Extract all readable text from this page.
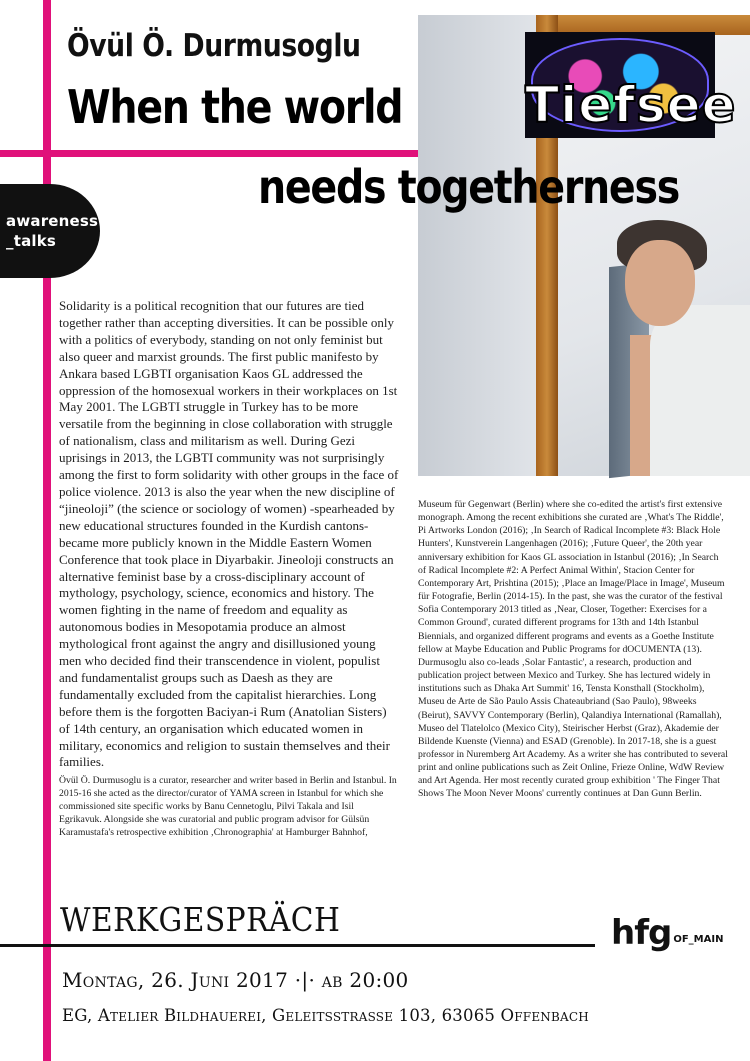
Tiefsee
Övül Ö. Durmusoglu
When the world
needs togetherness
awareness
_talks

Solidarity is a political recognition that our futures are tied together rather than accepting diversities. It can be possible only with a politics of everybody, standing on not only feminist but also queer and marxist grounds. The first public manifesto by Ankara based LGBTI organisation Kaos GL addressed the oppression of the homosexual workers in their workplaces on 1st May 2001. The LGBTI struggle in Turkey has to be more versatile from the beginning in close collaboration with struggle of nationalism, class and militarism as well. During Gezi uprisings in 2013, the LGBTI community was not surprisingly among the first to form solidarity with other groups in the face of police violence. 2013 is also the year when the new discipline of “jineoloji” (the science or sociology of women) -spearheaded by new educational structures founded in the Kurdish cantons- became more publicly known in the Middle Eastern Women Conference that took place in Diyarbakir. Jineoloji constructs an alternative feminist base by a cross-disciplinary account of mythology, psychology, science, economics and history. The women fighting in the name of freedom and equality as autonomous bodies in Mesopotamia produce an almost mythological front against the angry and disillusioned young men who decided find their transcendence in violent, populist and fundamentalist groups such as Daesh as they are fundamentally excluded from the capitalist hierarchies. Long before them is the forgotten Baciyan-i Rum (Anatolian Sisters) of 14th century, an organisation which educated women in military, economics and religion to sustain themselves and their families.

Övül Ö. Durmusoglu is a curator, researcher and writer based in Berlin and Istanbul. In 2015-16 she acted as the director/curator of YAMA screen in Istanbul for which she commissioned site specific works by Banu Cennetoglu, Pilvi Takala and Isil Egrikavuk. Alongside she was curatorial and public program advisor for Gülsün Karamustafa's retrospective exhibition ‚Chronographia' at Hamburger Bahnhof,

Museum für Gegenwart (Berlin) where she co-edited the artist's first extensive monograph. Among the recent exhibitions she curated are ‚What's The Riddle', Pi Artworks London (2016); ‚In Search of Radical Incomplete #3: Black Hole Hunters', Kunstverein Langenhagen (2016); ‚Future Queer', the 20th year anniversary exhibition for Kaos GL association in Istanbul (2016); ‚In Search of Radical Incomplete #2: A Perfect Animal Within', Stacion Center for Contemporary Art, Prishtina (2015); ‚Place an Image/Place in Image', Museum für Fotografie, Berlin (2014-15). In the past, she was the curator of the festival Sofia Contemporary 2013 titled as ‚Near, Closer, Together: Exercises for a Common Ground', curated different programs for 13th and 14th Istanbul Biennials, and organized different programs and events as a Goethe Institute fellow at Maybe Education and Public Programs for dOCUMENTA (13). Durmusoglu also co-leads ‚Solar Fantastic', a research, production and publication project between Mexico and Turkey. She has lectured widely in institutions such as Dhaka Art Summit' 16, Tensta Konsthall (Stockholm), Museu de Arte de São Paulo Assis Chateaubriand (Sao Paulo), 98weeks (Beirut), SAVVY Contemporary (Berlin), Qalandiya International (Ramallah), Museo del Tlatelolco (Mexico City), Steirischer Herbst (Graz), Akademie der Bildende Kuenste (Vienna) and ESAD (Grenoble). In 2017-18, she is a guest professor in Nuremberg Art Academy. As a writer she has contributed to several print and online publications such as Zeit Online, Frieze Online, WdW Review and Art Agenda. Her most recently curated group exhibition ' The Finger That Shows The Moon Never Moons' currently continues at Dan Gunn Berlin.

WERKGESPRÄCH	hfg OF_MAIN
Montag, 26. Juni 2017 ·|· ab 20:00
EG, Atelier Bildhauerei, Geleitsstrasse 103, 63065 Offenbach
